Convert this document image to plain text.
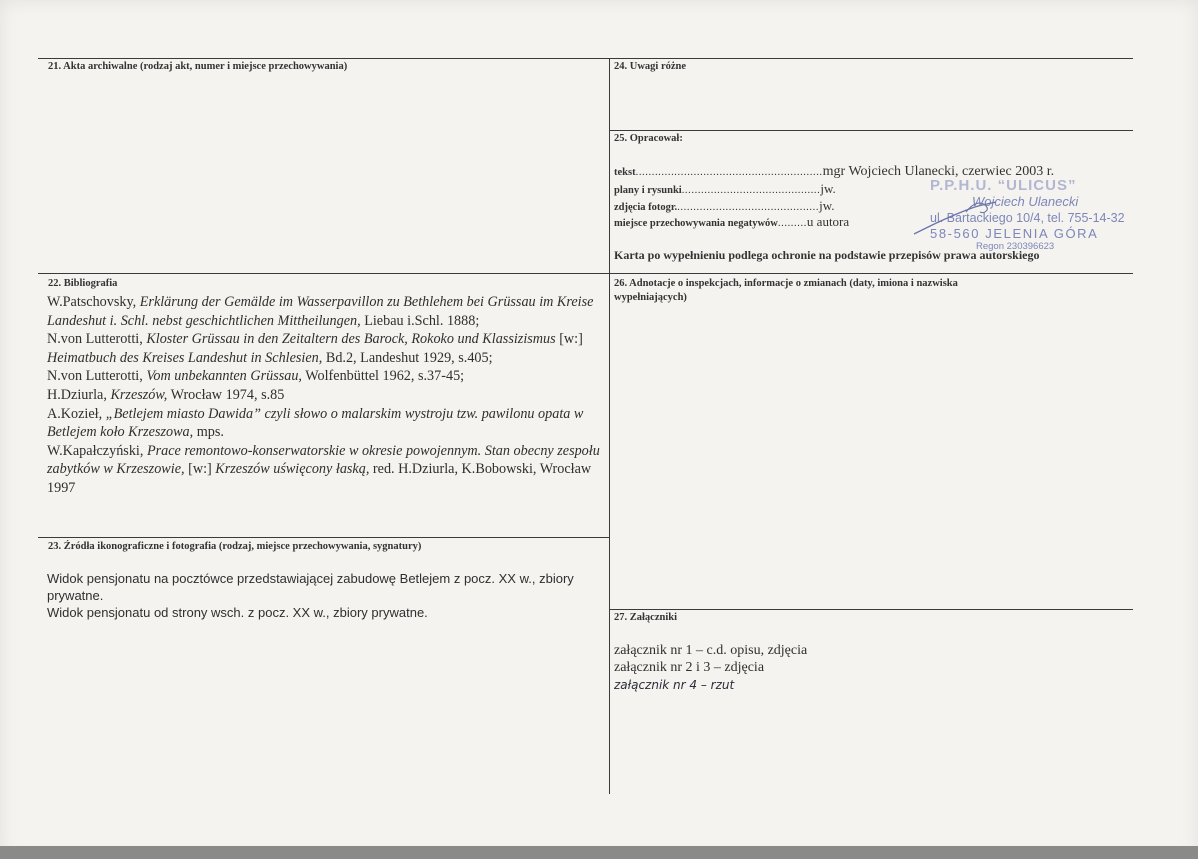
21. Akta archiwalne (rodzaj akt, numer i miejsce przechowywania)	24. Uwagi różne
25. Opracował:
tekst..........................................................mgr Wojciech Ulanecki, czerwiec 2003 r.
plany i rysunki...........................................jw.
zdjęcia fotogr.............................................jw.
miejsce przechowywania negatywów.........u autora
P.P.H.U. “ULICUS”
Wojciech Ulanecki
ul. Bartackiego 10/4, tel. 755-14-32
58-560 JELENIA GÓRA
Regon 230396623
Karta po wypełnieniu podlega ochronie na podstawie przepisów prawa autorskiego
22. Bibliografia

W.Patschovsky, Erklärung der Gemälde im Wasserpavillon zu Bethlehem bei Grüssau im Kreise Landeshut i. Schl. nebst geschichtlichen Mittheilungen, Liebau i.Schl. 1888;

N.von Lutterotti, Kloster Grüssau in den Zeitaltern des Barock, Rokoko und Klassizismus [w:] Heimatbuch des Kreises Landeshut in Schlesien, Bd.2, Landeshut 1929, s.405;

N.von Lutterotti, Vom unbekannten Grüssau, Wolfenbüttel 1962, s.37-45;

H.Dziurla, Krzeszów, Wrocław 1974, s.85

A.Kozieł, „Betlejem miasto Dawida” czyli słowo o malarskim wystroju tzw. pawilonu opata w Betlejem koło Krzeszowa, mps.

W.Kapałczyński, Prace remontowo-konserwatorskie w okresie powojennym. Stan obecny zespołu zabytków w Krzeszowie, [w:] Krzeszów uświęcony łaską, red. H.Dziurla, K.Bobowski, Wrocław 1997

23. Źródła ikonograficzne i fotografia (rodzaj, miejsce przechowywania, sygnatury)

Widok pensjonatu na pocztówce przedstawiającej zabudowę Betlejem z pocz. XX w., zbiory prywatne.

Widok pensjonatu od strony wsch. z pocz. XX w., zbiory prywatne.

26. Adnotacje o inspekcjach, informacje o zmianach (daty, imiona i nazwiska
wypełniających)
27. Załączniki

załącznik nr 1 – c.d. opisu, zdjęcia

załącznik nr 2 i 3 – zdjęcia

załącznik nr 4 – rzut
